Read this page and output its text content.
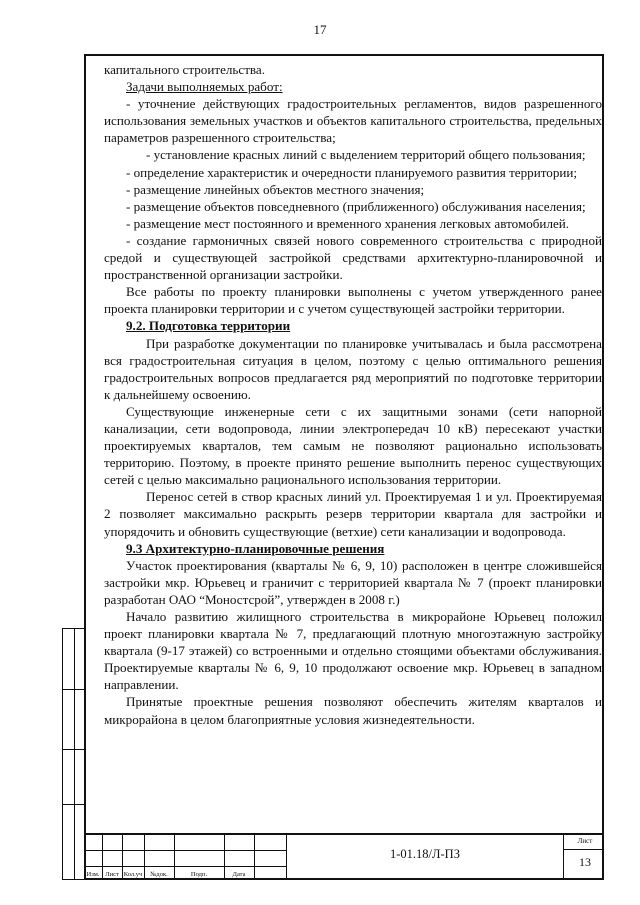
17

капитального строительства.

Задачи выполняемых работ:

- уточнение действующих градостроительных регламентов, видов разрешенного использования земельных участков и объектов капитального строительства, предельных параметров разрешенного строительства;

- установление красных линий с выделением территорий общего пользования;

- определение характеристик и очередности планируемого развития территории;

- размещение линейных объектов местного значения;

- размещение объектов повседневного (приближенного) обслуживания населения;

- размещение мест постоянного и временного хранения легковых автомобилей.

- создание гармоничных связей нового современного строительства с природной средой и существующей застройкой средствами архитектурно-планировочной и пространственной организации застройки.

Все работы по проекту планировки выполнены с учетом утвержденного ранее проекта планировки территории и с учетом существующей застройки территории.

9.2. Подготовка территории

При разработке документации по планировке учитывалась и была рассмотрена вся градостроительная ситуация в целом, поэтому с целью оптимального решения градостроительных вопросов предлагается ряд мероприятий по подготовке территории к дальнейшему освоению.

Существующие инженерные сети с их защитными зонами (сети напорной канализации, сети водопровода, линии электропередач 10 кВ) пересекают участки проектируемых кварталов, тем самым не позволяют рационально использовать территорию. Поэтому, в проекте принято решение выполнить перенос существующих сетей с целью максимально рационального использования территории.

Перенос сетей в створ красных линий ул. Проектируемая 1 и ул. Проектируемая 2 позволяет максимально раскрыть резерв территории квартала для застройки и упорядочить и обновить существующие (ветхие) сети канализации и водопровода.

9.3 Архитектурно-планировочные решения

Участок проектирования (кварталы № 6, 9, 10) расположен в центре сложившейся застройки мкр. Юрьевец и граничит с территорией квартала № 7 (проект планировки разработан ОАО “Моностсрой”, утвержден в 2008 г.)

Начало развитию жилищного строительства в микрорайоне Юрьевец положил проект планировки квартала № 7, предлагающий плотную многоэтажную застройку квартала (9-17 этажей) со встроенными и отдельно стоящими объектами обслуживания. Проектируемые кварталы № 6, 9, 10 продолжают освоение мкр. Юрьевец в западном направлении.

Принятые проектные решения позволяют обеспечить жителям кварталов и микрорайона в целом благоприятные условия жизнедеятельности.

Изм. Лист Кол.уч	№док.	Подп.	Дата
1-01.18/Л-ПЗ
Лист
13
